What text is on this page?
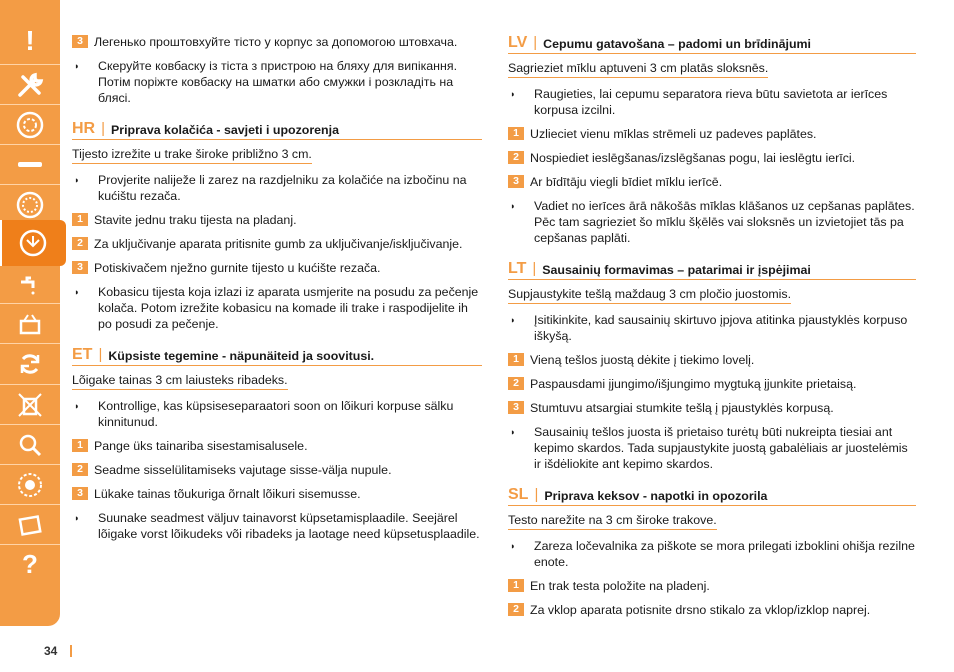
!
?
3 Легенько проштовхуйте тісто у корпус за допомогою штовхача.
◗	Скеруйте ковбаску із тіста з пристрою на бляху для випікання. Потім поріжте ковбаску на шматки або смужки і розкладіть на блясі.
HR | Priprava kolačića - savjeti i upozorenja
Tijesto izrežite u trake široke približno 3 cm.
◗	Provjerite naliježe li zarez na razdjelniku za kolačiće na izbočinu na kućištu rezača.
1 Stavite jednu traku tijesta na pladanj.
2 Za uključivanje aparata pritisnite gumb za uključivanje/isključivanje.
3 Potiskivačem nježno gurnite tijesto u kućište rezača.
◗	Kobasicu tijesta koja izlazi iz aparata usmjerite na posudu za pečenje kolača. Potom izrežite kobasicu na komade ili trake i raspodijelite ih po posudi za pečenje.
ET | Küpsiste tegemine - näpunäiteid ja soovitusi.
Lõigake tainas 3 cm laiusteks ribadeks.
◗	Kontrollige, kas küpsiseseparaatori soon on lõikuri korpuse sälku kinnitunud.
1 Pange üks tainariba sisestamisalusele.
2 Seadme sisselülitamiseks vajutage sisse-välja nupule.
3 Lükake tainas tõukuriga õrnalt lõikuri sisemusse.
◗	Suunake seadmest väljuv tainavorst küpsetamisplaadile. Seejärel lõigake vorst lõikudeks või ribadeks ja laotage need küpsetusplaadile.
LV | Cepumu gatavošana – padomi un brīdinājumi
Sagrieziet mīklu aptuveni 3 cm platās sloksnēs.
◗	Raugieties, lai cepumu separatora rieva būtu savietota ar ierīces korpusa izcilni.
1 Uzlieciet vienu mīklas strēmeli uz padeves paplātes.
2 Nospiediet ieslēgšanas/izslēgšanas pogu, lai ieslēgtu ierīci.
3 Ar bīdītāju viegli bīdiet mīklu ierīcē.
◗	Vadiet no ierīces ārā nākošās mīklas klāšanos uz cepšanas paplātes. Pēc tam sagrieziet šo mīklu šķēlēs vai sloksnēs un izvietojiet tās pa cepšanas paplāti.
LT | Sausainių formavimas – patarimai ir įspėjimai
Supjaustykite tešlą maždaug 3 cm pločio juostomis.
◗	Įsitikinkite, kad sausainių skirtuvo įpjova atitinka pjaustyklės korpuso iškyšą.
1 Vieną tešlos juostą dėkite į tiekimo lovelį.
2 Paspausdami įjungimo/išjungimo mygtuką įjunkite prietaisą.
3 Stumtuvu atsargiai stumkite tešlą į pjaustyklės korpusą.
◗	Sausainių tešlos juosta iš prietaiso turėtų būti nukreipta tiesiai ant kepimo skardos. Tada supjaustykite juostą gabalėliais ar juostelėmis ir išdėliokite ant kepimo skardos.
SL | Priprava keksov - napotki in opozorila
Testo narežite na 3 cm široke trakove.
◗	Zareza ločevalnika za piškote se mora prilegati izboklini ohišja rezilne enote.
1 En trak testa položite na pladenj.
2 Za vklop aparata potisnite drsno stikalo za vklop/izklop naprej.
34
